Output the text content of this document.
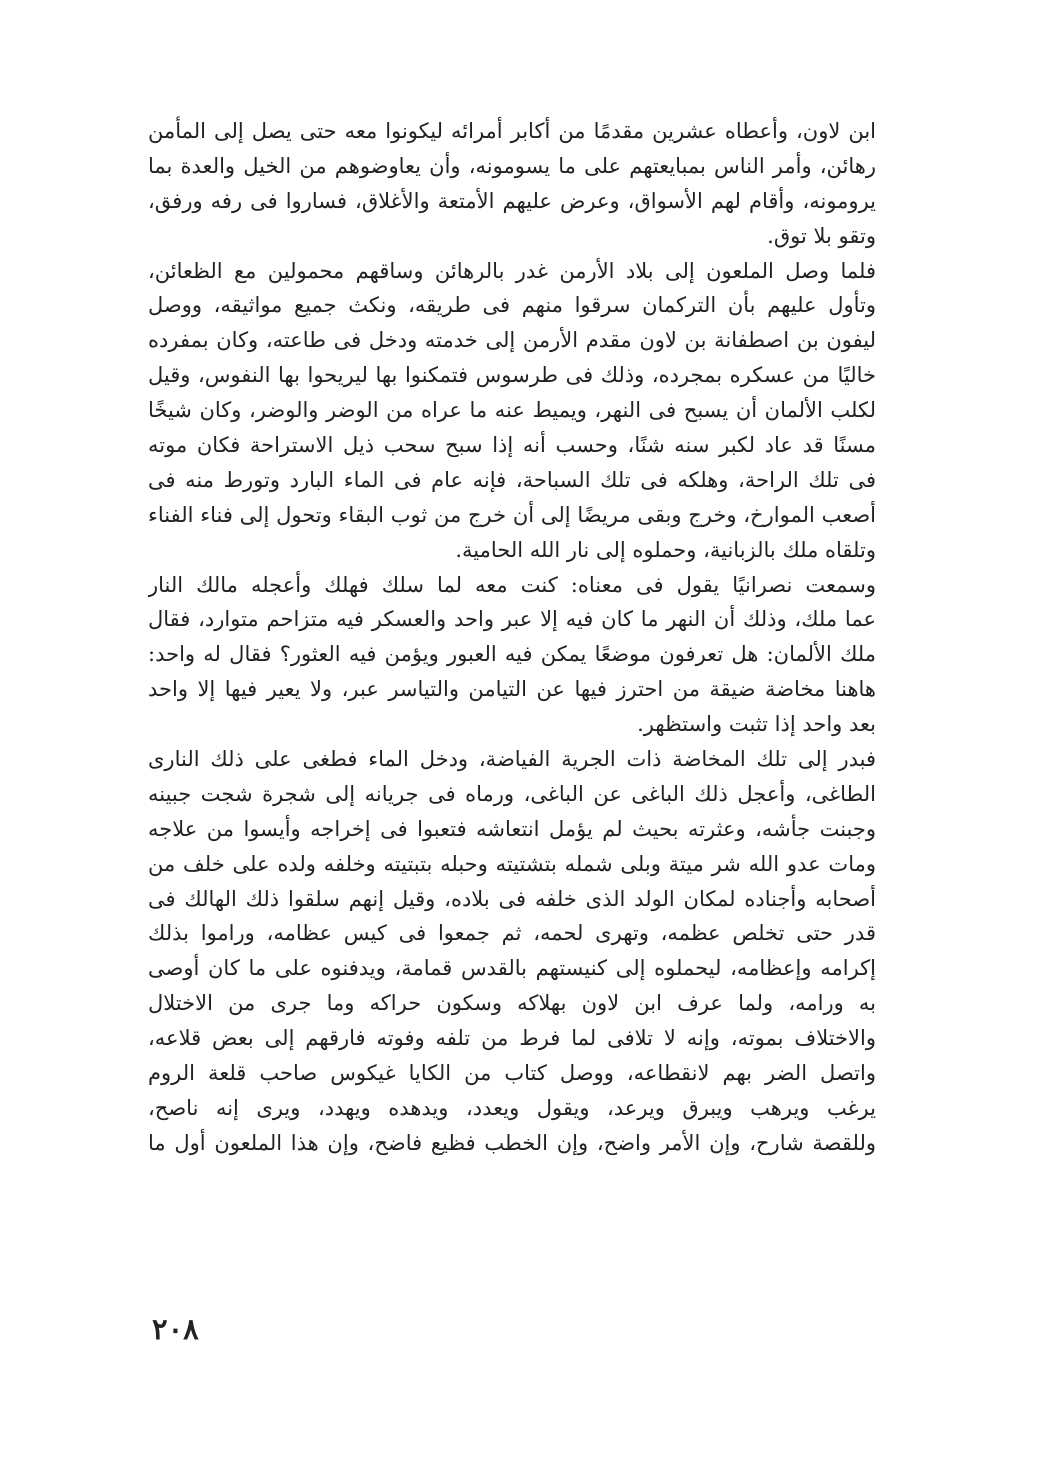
ابن لاون، وأعطاه عشرين مقدمًا من أكابر أمرائه ليكونوا معه حتى يصل إلى المأمن
رهائن، وأمر الناس بمبايعتهم على ما يسومونه، وأن يعاوضوهم من الخيل والعدة بما
يرومونه، وأقام لهم الأسواق، وعرض عليهم الأمتعة والأغلاق، فساروا فى رفه ورفق،
وتقو بلا توق.
فلما وصل الملعون إلى بلاد الأرمن غدر بالرهائن وساقهم محمولين مع الظعائن،
وتأول عليهم بأن التركمان سرقوا منهم فى طريقه، ونكث جميع مواثيقه، ووصل
ليفون بن اصطفانة بن لاون مقدم الأرمن إلى خدمته ودخل فى طاعته، وكان بمفرده
خاليًا من عسكره بمجرده، وذلك فى طرسوس فتمكنوا بها ليريحوا بها النفوس، وقيل
لكلب الألمان أن يسبح فى النهر، ويميط عنه ما عراه من الوضر والوضر، وكان شيخًا
مسنًا قد عاد لكبر سنه شنًا، وحسب أنه إذا سبح سحب ذيل الاستراحة فكان موته
فى تلك الراحة، وهلكه فى تلك السباحة، فإنه عام فى الماء البارد وتورط منه فى
أصعب الموارخ، وخرج وبقى مريضًا إلى أن خرج من ثوب البقاء وتحول إلى فناء الفناء
وتلقاه ملك بالزبانية، وحملوه إلى نار الله الحامية.
وسمعت نصرانيًا يقول فى معناه: كنت معه لما سلك فهلك وأعجله مالك النار
عما ملك، وذلك أن النهر ما كان فيه إلا عبر واحد والعسكر فيه متزاحم متوارد، فقال
ملك الألمان: هل تعرفون موضعًا يمكن فيه العبور ويؤمن فيه العثور؟ فقال له واحد:
هاهنا مخاضة ضيقة من احترز فيها عن التيامن والتياسر عبر، ولا يعير فيها إلا واحد
بعد واحد إذا تثبت واستظهر.
فبدر إلى تلك المخاضة ذات الجرية الفياضة، ودخل الماء فطغى على ذلك النارى
الطاغى، وأعجل ذلك الباغى عن الباغى، ورماه فى جريانه إلى شجرة شجت جبينه
وجبنت جأشه، وعثرته بحيث لم يؤمل انتعاشه فتعبوا فى إخراجه وأيسوا من علاجه
ومات عدو الله شر ميتة وبلى شمله بتشتيته وحبله بتبتيته وخلفه ولده على خلف من
أصحابه وأجناده لمكان الولد الذى خلفه فى بلاده، وقيل إنهم سلقوا ذلك الهالك فى
قدر حتى تخلص عظمه، وتهرى لحمه، ثم جمعوا فى كيس عظامه، وراموا بذلك
إكرامه وإعظامه، ليحملوه إلى كنيستهم بالقدس قمامة، ويدفنوه على ما كان أوصى
به ورامه، ولما عرف ابن لاون بهلاكه وسكون حراكه وما جرى من الاختلال
والاختلاف بموته، وإنه لا تلافى لما فرط من تلفه وفوته فارقهم إلى بعض قلاعه،
واتصل الضر بهم لانقطاعه، ووصل كتاب من الكايا غيكوس صاحب قلعة الروم
يرغب ويرهب ويبرق ويرعد، ويقول ويعدد، ويدهده ويهدد، ويرى إنه ناصح،
وللقصة شارح، وإن الأمر واضح، وإن الخطب فظيع فاضح، وإن هذا الملعون أول ما
٢٠٨
